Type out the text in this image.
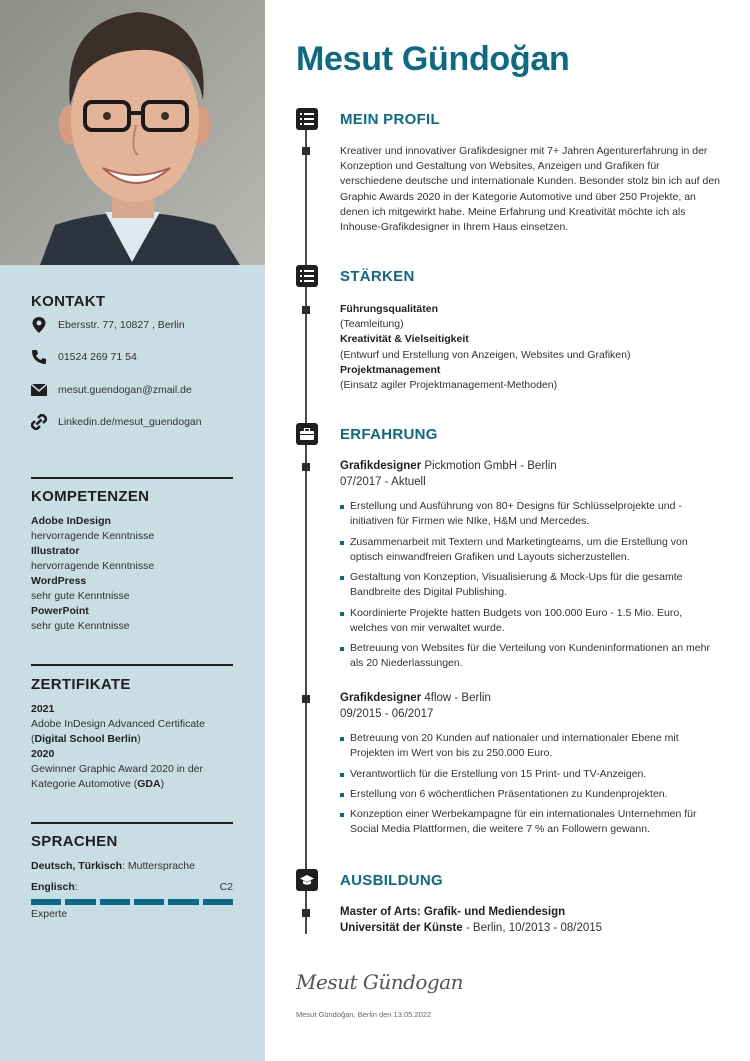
KONTAKT
Ebersstr. 77, 10827 , Berlin
01524 269 71 54
mesut.guendogan@zmail.de
Linkedin.de/mesut_guendogan
KOMPETENZEN
Adobe InDesign
hervorragende Kenntnisse
Illustrator
hervorragende Kenntnisse
WordPress
sehr gute Kenntnisse
PowerPoint
sehr gute Kenntnisse
ZERTIFIKATE
2021
Adobe InDesign Advanced Certificate (Digital School Berlin)
2020
Gewinner Graphic Award 2020 in der Kategorie Automotive (GDA)
SPRACHEN
Deutsch, Türkisch: Muttersprache
Englisch:	C2
Experte
Mesut Gündoğan
MEIN PROFIL
Kreativer und innovativer Grafikdesigner mit 7+ Jahren Agenturerfahrung in der Konzeption und Gestaltung von Websites, Anzeigen und Grafiken für verschiedene deutsche und internationale Kunden. Besonder stolz bin ich auf den Graphic Awards 2020 in der Kategorie Automotive und über 250 Projekte, an denen ich mitgewirkt habe. Meine Erfahrung und Kreativität möchte ich als Inhouse-Grafikdesigner in Ihrem Haus einsetzen.
STÄRKEN
Führungsqualitäten
(Teamleitung)
Kreativität & Vielseitigkeit
(Entwurf und Erstellung von Anzeigen, Websites und Grafiken)
Projektmanagement
(Einsatz agiler Projektmanagement-Methoden)
ERFAHRUNG
Grafikdesigner Pickmotion GmbH - Berlin
07/2017 - Aktuell
Erstellung und Ausführung von 80+ Designs für Schlüsselprojekte und -initiativen für Firmen wie NIke, H&M und Mercedes.
Zusammenarbeit mit Textern und Marketingteams, um die Erstellung von optisch einwandfreien Grafiken und Layouts sicherzustellen.
Gestaltung von Konzeption, Visualisierung & Mock-Ups für die gesamte Bandbreite des Digital Publishing.
Koordinierte Projekte hatten Budgets von 100.000 Euro - 1.5 Mio. Euro, welches von mir verwaltet wurde.
Betreuung von Websites für die Verteilung von Kundeninformationen an mehr als 20 Niederlassungen.
Grafikdesigner 4flow - Berlin
09/2015 - 06/2017
Betreuung von 20 Kunden auf nationaler und internationaler Ebene mit Projekten im Wert von bis zu 250.000 Euro.
Verantwortlich für die Erstellung von 15 Print- und TV-Anzeigen.
Erstellung von 6 wöchentlichen Präsentationen zu Kundenprojekten.
Konzeption einer Werbekampagne für ein internationales Unternehmen für Social Media Plattformen, die weitere 7 % an Followern gewann.
AUSBILDUNG
Master of Arts: Grafik- und Mediendesign
Universität der Künste - Berlin, 10/2013 - 08/2015
Mesut Gündogan
Mesut Gündoğan, Berlin den 13.05.2022
